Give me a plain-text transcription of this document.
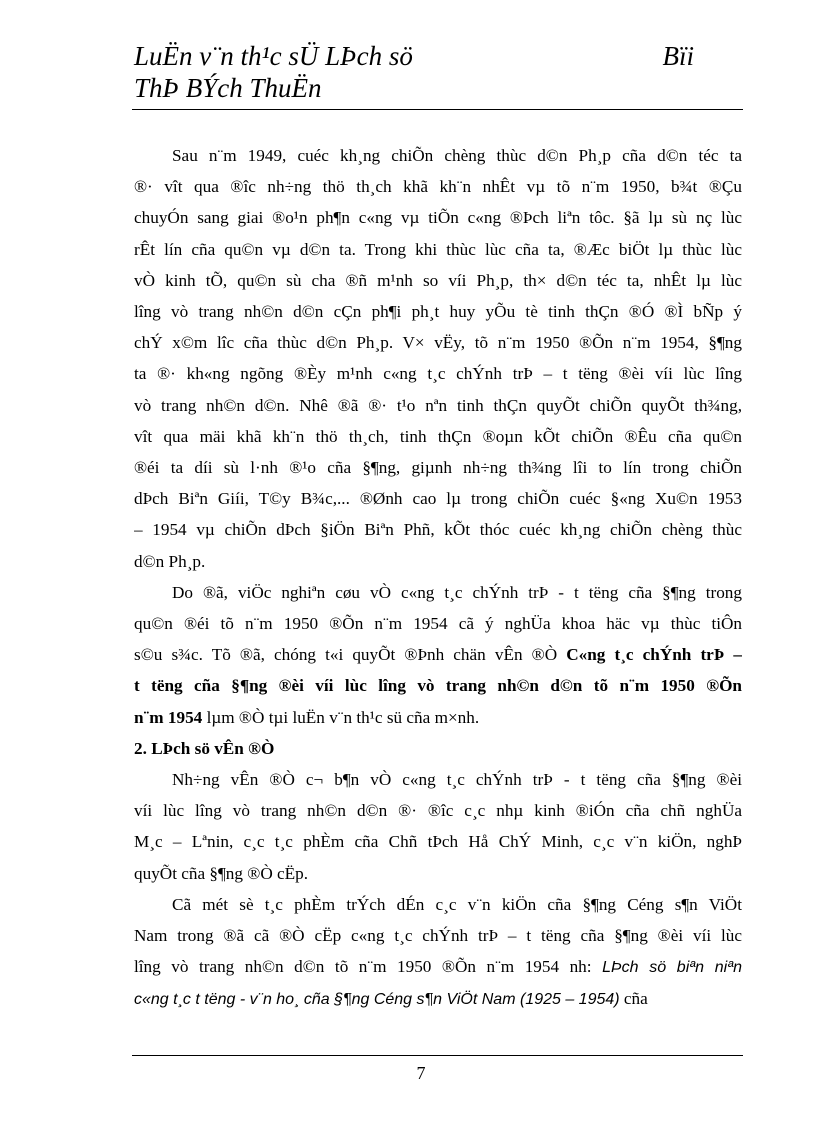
LuËn v¨n th¹c sÜ LÞch sö	Bïi
ThÞ BÝch ThuËn
Sau n¨m 1949, cuéc kh¸ng chiÕn chèng thùc d©n Ph¸p cña d©n téc ta
®· vît qua ®îc nh÷ng thö th¸ch khã kh¨n nhÊt vµ tõ n¨m 1950, b¾t ®Çu
chuyÓn sang giai ®o¹n ph¶n c«ng vµ tiÕn c«ng ®Þch liªn tôc. §ã lµ sù nç lùc
rÊt lín cña qu©n vµ d©n ta. Trong khi thùc lùc cña ta, ®Æc biÖt lµ thùc lùc
vÒ kinh tÕ, qu©n sù cha ®ñ m¹nh so víi Ph¸p, th× d©n téc ta, nhÊt lµ lùc
lîng vò trang nh©n d©n cÇn ph¶i ph¸t huy yÕu tè tinh thÇn ®Ó ®Ì bÑp ý
chÝ x©m lîc cña thùc d©n Ph¸p. V× vËy, tõ n¨m 1950 ®Õn n¨m 1954, §¶ng
ta ®· kh«ng ngõng ®Èy m¹nh c«ng t¸c chÝnh trÞ – t tëng ®èi víi lùc lîng
vò trang nh©n d©n. Nhê ®ã ®· t¹o nªn tinh thÇn quyÕt chiÕn quyÕt th¾ng,
vît qua mäi khã kh¨n thö th¸ch, tinh thÇn ®oµn kÕt chiÕn ®Êu cña qu©n
®éi ta díi sù l·nh ®¹o cña §¶ng, giµnh nh÷ng th¾ng lîi to lín trong chiÕn
dÞch Biªn Giíi, T©y B¾c,... ®Ønh cao lµ trong chiÕn cuéc §«ng Xu©n 1953
– 1954 vµ chiÕn dÞch §iÖn Biªn Phñ, kÕt thóc cuéc kh¸ng chiÕn chèng thùc
d©n Ph¸p.
Do ®ã, viÖc nghiªn cøu vÒ c«ng t¸c chÝnh trÞ - t tëng cña §¶ng trong
qu©n ®éi tõ n¨m 1950 ®Õn n¨m 1954 cã ý nghÜa khoa häc vµ thùc tiÔn
s©u s¾c. Tõ ®ã, chóng t«i quyÕt ®Þnh chän vÊn ®Ò C«ng t¸c chÝnh trÞ –
t tëng cña §¶ng ®èi víi lùc lîng vò trang nh©n d©n tõ n¨m 1950 ®Õn
n¨m 1954 lµm ®Ò tµi luËn v¨n th¹c sü cña m×nh.
2. LÞch sö vÊn ®Ò
Nh÷ng vÊn ®Ò c¬ b¶n vÒ c«ng t¸c chÝnh trÞ - t tëng cña §¶ng ®èi
víi lùc lîng vò trang nh©n d©n ®· ®îc c¸c nhµ kinh ®iÓn cña chñ nghÜa
M¸c – Lªnin, c¸c t¸c phÈm cña Chñ tÞch Hå ChÝ Minh, c¸c v¨n kiÖn, nghÞ
quyÕt cña §¶ng ®Ò cËp.
Cã mét sè t¸c phÈm trÝch dÉn c¸c v¨n kiÖn cña §¶ng Céng s¶n ViÖt
Nam trong ®ã cã ®Ò cËp c«ng t¸c chÝnh trÞ – t tëng cña §¶ng ®èi víi lùc
lîng vò trang nh©n d©n tõ n¨m 1950 ®Õn n¨m 1954 nh: LÞch sö biªn niªn
c«ng t¸c t tëng - v¨n ho¸ cña §¶ng Céng s¶n ViÖt Nam (1925 – 1954) cña
7
